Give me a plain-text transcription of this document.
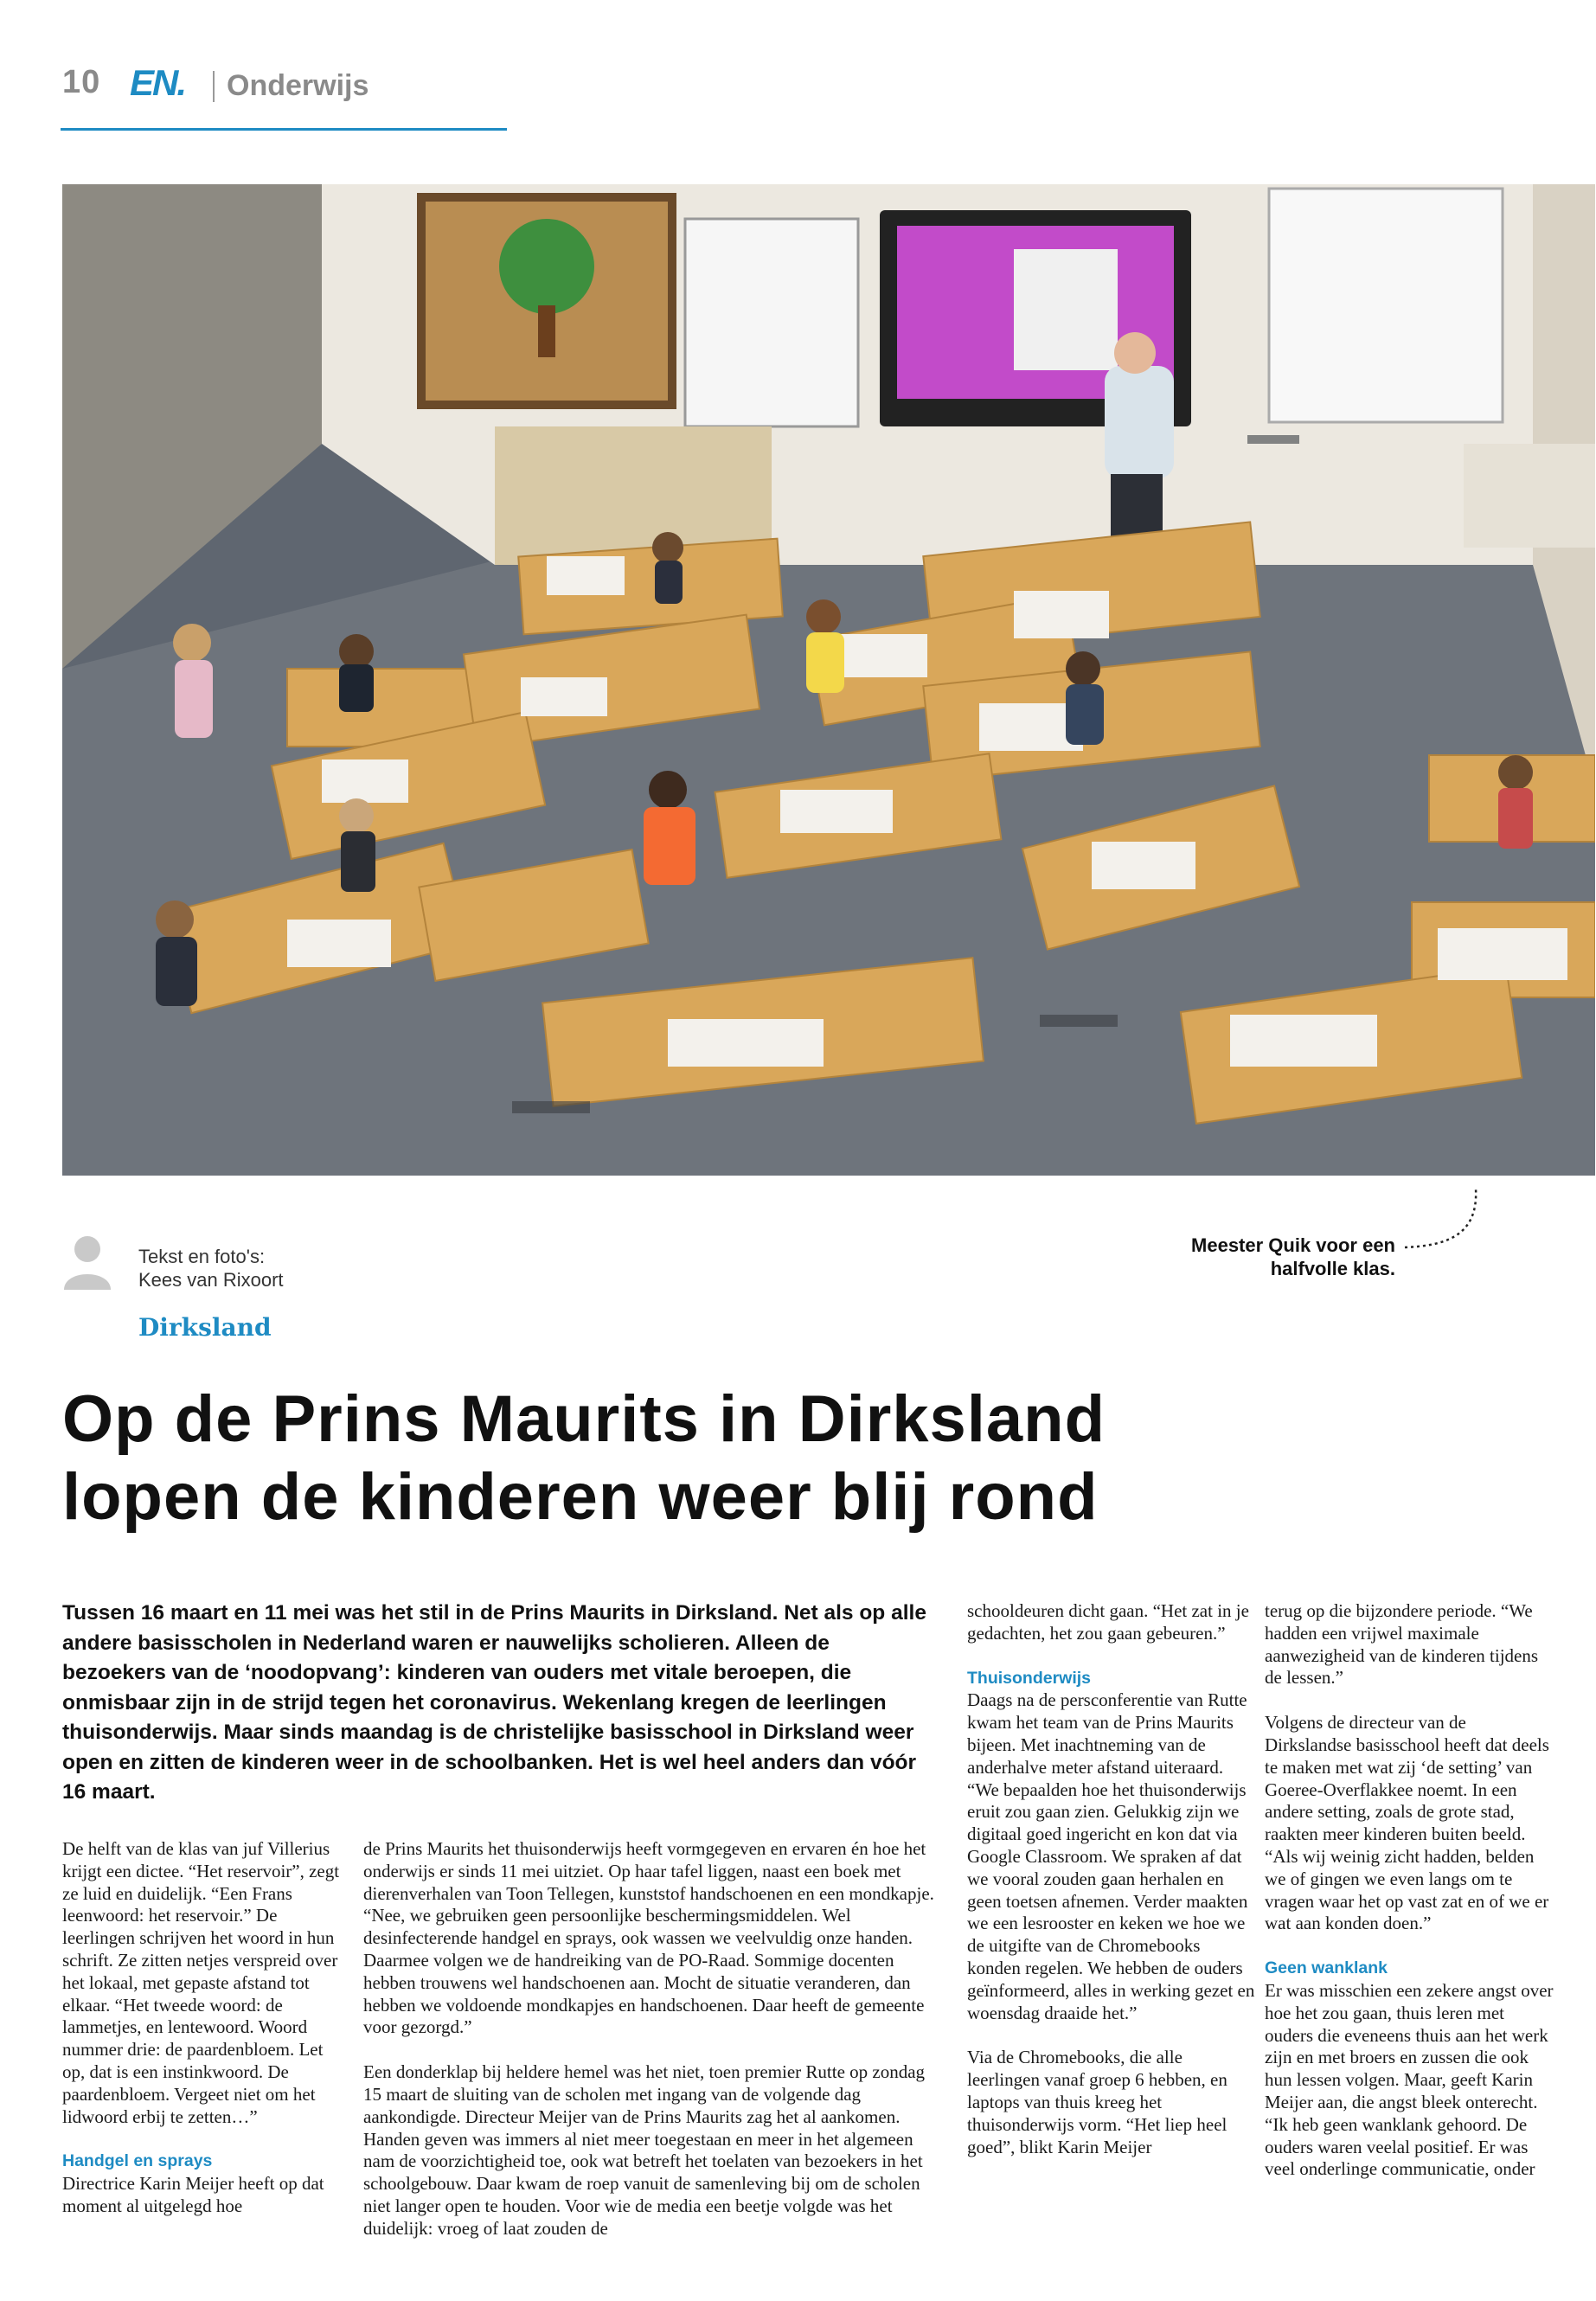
10 EN. Onderwijs
Meester Quik voor een
halfvolle klas.
Tekst en foto's:
Kees van Rixoort
Dirksland
Op de Prins Maurits in Dirksland
lopen de kinderen weer blij rond
Tussen 16 maart en 11 mei was het stil in de Prins Maurits in Dirksland. Net als op alle andere basisscholen in Nederland waren er nauwelijks scholieren. Alleen de bezoekers van de ‘noodopvang’: kinderen van ouders met vitale beroepen, die onmisbaar zijn in de strijd tegen het coronavirus. Wekenlang kregen de leerlingen thuisonderwijs. Maar sinds maandag is de christelijke basisschool in Dirksland weer open en zitten de kinderen weer in de schoolbanken. Het is wel heel anders dan vóór 16 maart.

De helft van de klas van juf Villerius krijgt een dictee. “Het reservoir”, zegt ze luid en duidelijk. “Een Frans leenwoord: het reservoir.” De leerlingen schrijven het woord in hun schrift. Ze zitten netjes verspreid over het lokaal, met gepaste afstand tot elkaar. “Het tweede woord: de lammetjes, en lentewoord. Woord nummer drie: de paardenbloem. Let op, dat is een instinkwoord. De paardenbloem. Vergeet niet om het lidwoord erbij te zetten…”

Handgel en sprays

Directrice Karin Meijer heeft op dat moment al uitgelegd hoe

de Prins Maurits het thuisonderwijs heeft vormgegeven en ervaren én hoe het onderwijs er sinds 11 mei uitziet. Op haar tafel liggen, naast een boek met dierenverhalen van Toon Tellegen, kunststof handschoenen en een mondkapje. “Nee, we gebruiken geen persoonlijke beschermingsmiddelen. Wel desinfecterende handgel en sprays, ook wassen we veelvuldig onze handen. Daarmee volgen we de handreiking van de PO-Raad. Sommige docenten hebben trouwens wel handschoenen aan. Mocht de situatie veranderen, dan hebben we voldoende mondkapjes en handschoenen. Daar heeft de gemeente voor gezorgd.”

Een donderklap bij heldere hemel was het niet, toen premier Rutte op zondag 15 maart de sluiting van de scholen met ingang van de volgende dag aankondigde. Directeur Meijer van de Prins Maurits zag het al aankomen. Handen geven was immers al niet meer toegestaan en meer in het algemeen nam de voorzichtigheid toe, ook wat betreft het toelaten van bezoekers in het schoolgebouw. Daar kwam de roep vanuit de samenleving bij om de scholen niet langer open te houden. Voor wie de media een beetje volgde was het duidelijk: vroeg of laat zouden de

schooldeuren dicht gaan. “Het zat in je gedachten, het zou gaan gebeuren.”

Thuisonderwijs

Daags na de persconferentie van Rutte kwam het team van de Prins Maurits bijeen. Met inachtneming van de anderhalve meter afstand uiteraard. “We bepaalden hoe het thuisonderwijs eruit zou gaan zien. Gelukkig zijn we digitaal goed ingericht en kon dat via Google Classroom. We spraken af dat we vooral zouden gaan herhalen en geen toetsen afnemen. Verder maakten we een lesrooster en keken we hoe we de uitgifte van de Chromebooks konden regelen. We hebben de ouders geïnformeerd, alles in werking gezet en woensdag draaide het.”

Via de Chromebooks, die alle leerlingen vanaf groep 6 hebben, en laptops van thuis kreeg het thuisonderwijs vorm. “Het liep heel goed”, blikt Karin Meijer

terug op die bijzondere periode. “We hadden een vrijwel maximale aanwezigheid van de kinderen tijdens de lessen.”

Volgens de directeur van de Dirkslandse basisschool heeft dat deels te maken met wat zij ‘de setting’ van Goeree-Overflakkee noemt. In een andere setting, zoals de grote stad, raakten meer kinderen buiten beeld. “Als wij weinig zicht hadden, belden we of gingen we even langs om te vragen waar het op vast zat en of we er wat aan konden doen.”

Geen wanklank

Er was misschien een zekere angst over hoe het zou gaan, thuis leren met ouders die eveneens thuis aan het werk zijn en met broers en zussen die ook hun lessen volgen. Maar, geeft Karin Meijer aan, die angst bleek onterecht. “Ik heb geen wanklank gehoord. De ouders waren veelal positief. Er was veel onderlinge communicatie, onder
